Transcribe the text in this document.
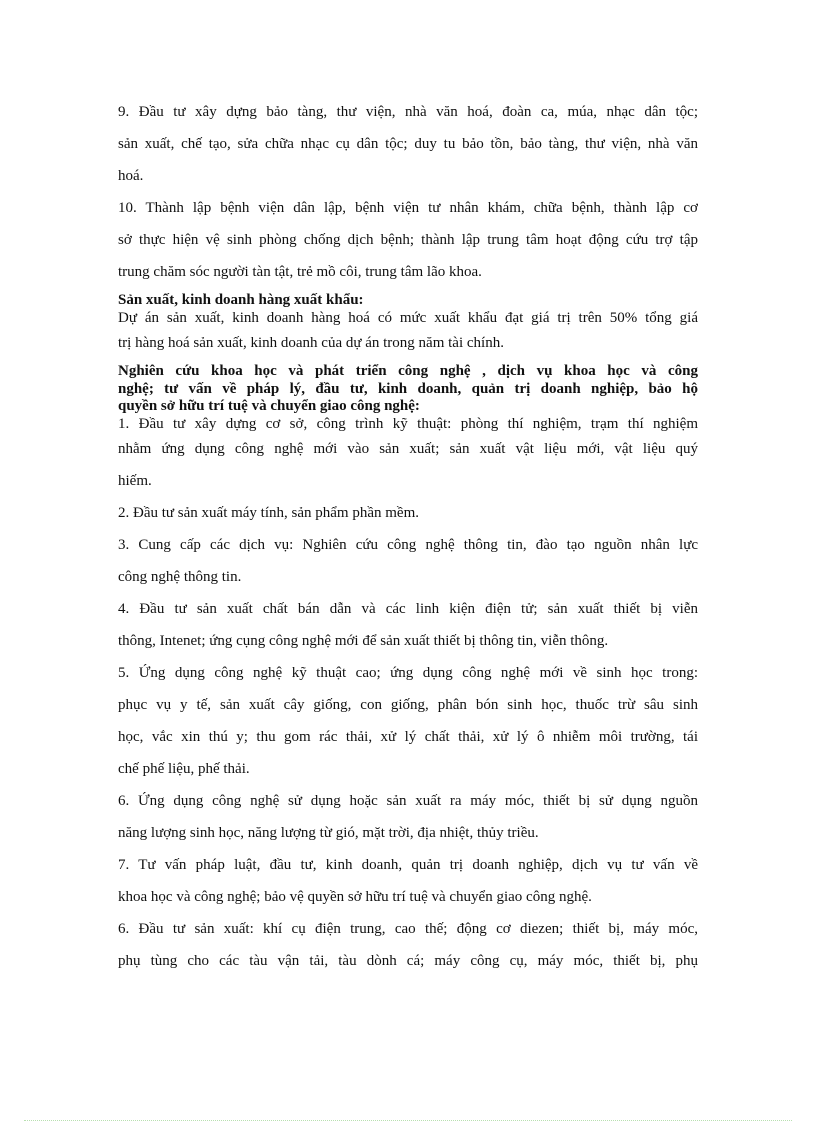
9. Đầu tư xây dựng bảo tàng, thư viện, nhà văn hoá, đoàn ca, múa, nhạc dân tộc;
sản xuất, chế tạo, sửa chữa nhạc cụ dân tộc; duy tu bảo tồn, bảo tàng, thư viện, nhà văn
hoá.
10. Thành lập bệnh viện dân lập, bệnh viện tư nhân khám, chữa bệnh, thành lập cơ
sở thực hiện vệ sinh phòng chống dịch bệnh; thành lập trung tâm hoạt động cứu trợ tập
trung chăm sóc người tàn tật, trẻ mồ côi, trung tâm lão khoa.
Sản xuất, kinh doanh hàng xuất khẩu:
Dự án sản xuất, kinh doanh hàng hoá có mức xuất khẩu đạt giá trị trên 50% tổng giá
trị hàng hoá sản xuất, kinh doanh của dự án trong năm tài chính.
Nghiên cứu khoa học và phát triển công nghệ , dịch vụ khoa học và công
nghệ; tư vấn về pháp lý, đầu tư, kinh doanh, quản trị doanh nghiệp, bảo hộ
quyền sở hữu trí tuệ và chuyển giao công nghệ:
1. Đầu tư xây dựng cơ sở, công trình kỹ thuật: phòng thí nghiệm, trạm thí nghiệm
nhằm ứng dụng công nghệ mới vào sản xuất; sản xuất vật liệu mới, vật liệu quý
hiếm.
2. Đầu tư sản xuất máy tính, sản phẩm phần mềm.
3. Cung cấp các dịch vụ: Nghiên cứu công nghệ thông tin, đào tạo nguồn nhân lực
công nghệ thông tin.
4. Đầu tư sản xuất chất bán dẫn và các linh kiện điện tử; sản xuất thiết bị viễn
thông, Intenet; ứng cụng công nghệ mới để sản xuất thiết bị thông tin, viễn thông.
5. Ứng dụng công nghệ kỹ thuật cao; ứng dụng công nghệ mới về sinh học trong:
phục vụ y tế, sản xuất cây giống, con giống, phân bón sinh học, thuốc trừ sâu sinh
học, vắc xin thú y; thu gom rác thải, xử lý chất thải, xử lý ô nhiễm môi trường, tái
chế phế liệu, phế thải.
6. Ứng dụng công nghệ sử dụng hoặc sản xuất ra máy móc, thiết bị sử dụng nguồn
năng lượng sinh học, năng lượng từ gió, mặt trời, địa nhiệt, thủy triều.
7. Tư vấn pháp luật, đầu tư, kinh doanh, quản trị doanh nghiệp, dịch vụ tư vấn về
khoa học và công nghệ; bảo vệ quyền sở hữu trí tuệ và chuyển giao công nghệ.
6. Đầu tư sản xuất: khí cụ điện trung, cao thế; động cơ diezen; thiết bị, máy móc,
phụ tùng cho các tàu vận tải, tàu dònh cá; máy công cụ, máy móc, thiết bị, phụ
